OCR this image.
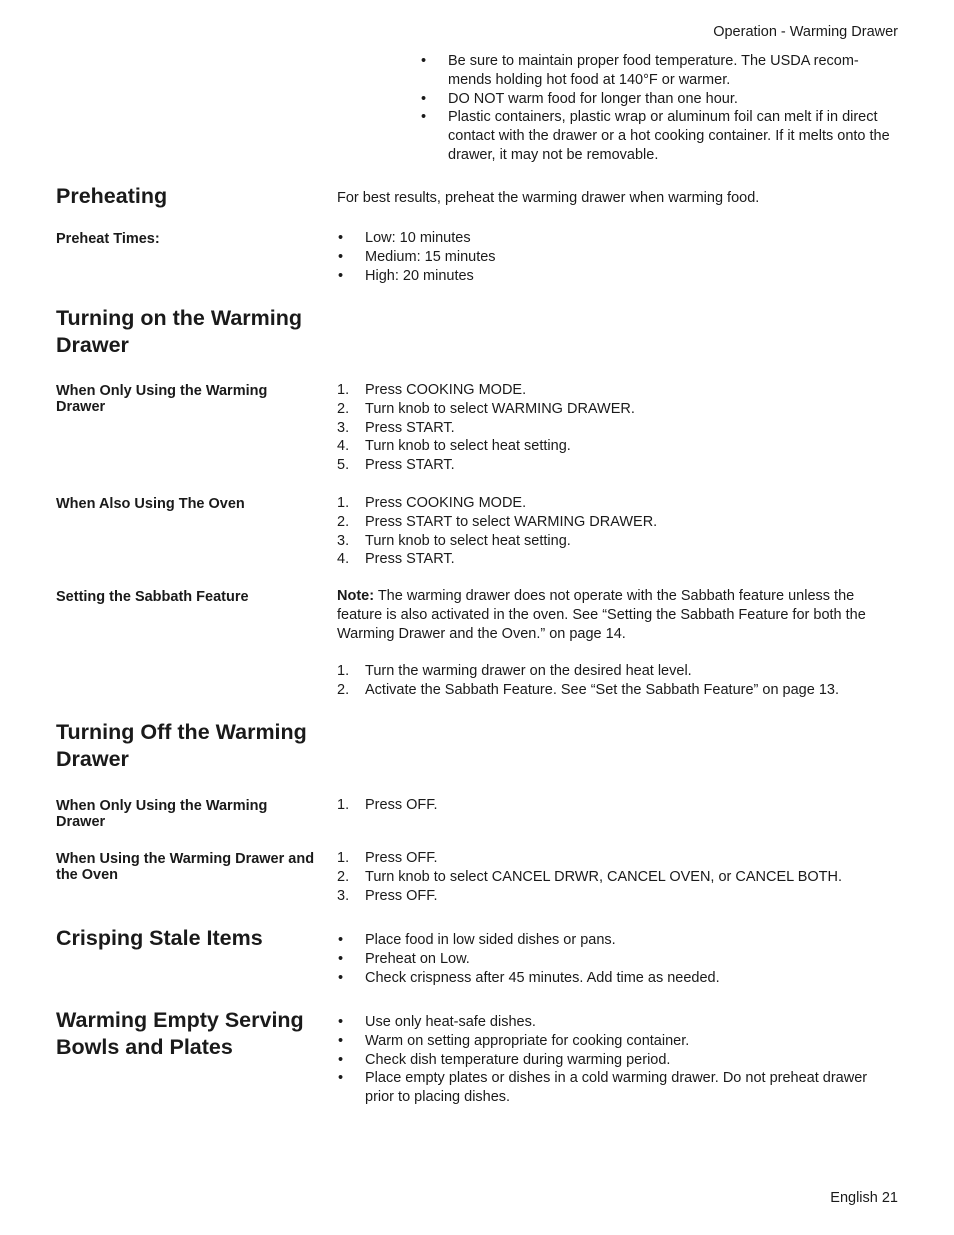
Operation - Warming Drawer
•	Be sure to maintain proper food temperature. The USDA recom-mends holding hot food at 140°F or warmer.
•	DO NOT warm food for longer than one hour.
•	Plastic containers, plastic wrap or aluminum foil can melt if in direct contact with the drawer or a hot cooking container. If it melts onto the drawer, it may not be removable.
Preheating	For best results, preheat the warming drawer when warming food.
Preheat Times:	•	Low: 10 minutes
•	Medium: 15 minutes
•	High: 20 minutes
Turning on the Warming Drawer
When Only Using the Warming Drawer
1.	Press COOKING MODE.
2.	Turn knob to select WARMING DRAWER.
3.	Press START.
4.	Turn knob to select heat setting.
5.	Press START.
When Also Using The Oven	1.	Press COOKING MODE.
2.	Press START to select WARMING DRAWER.
3.	Turn knob to select heat setting.
4.	Press START.
Setting the Sabbath Feature	Note: The warming drawer does not operate with the Sabbath feature unless the feature is also activated in the oven. See “Setting the Sabbath Feature for both the Warming Drawer and the Oven.” on page 14.
1.	Turn the warming drawer on the desired heat level.
2.	Activate the Sabbath Feature. See “Set the Sabbath Feature” on page 13.
Turning Off the Warming Drawer
When Only Using the Warming Drawer
1.	Press OFF.
When Using the Warming Drawer and the Oven
1.	Press OFF.
2.	Turn knob to select CANCEL DRWR, CANCEL OVEN, or CANCEL BOTH.
3.	Press OFF.
Crisping Stale Items	•	Place food in low sided dishes or pans.
•	Preheat on Low.
•	Check crispness after 45 minutes. Add time as needed.
Warming Empty Serving Bowls and Plates
•	Use only heat-safe dishes.
•	Warm on setting appropriate for cooking container.
•	Check dish temperature during warming period.
•	Place empty plates or dishes in a cold warming drawer. Do not preheat drawer prior to placing dishes.
English 21
